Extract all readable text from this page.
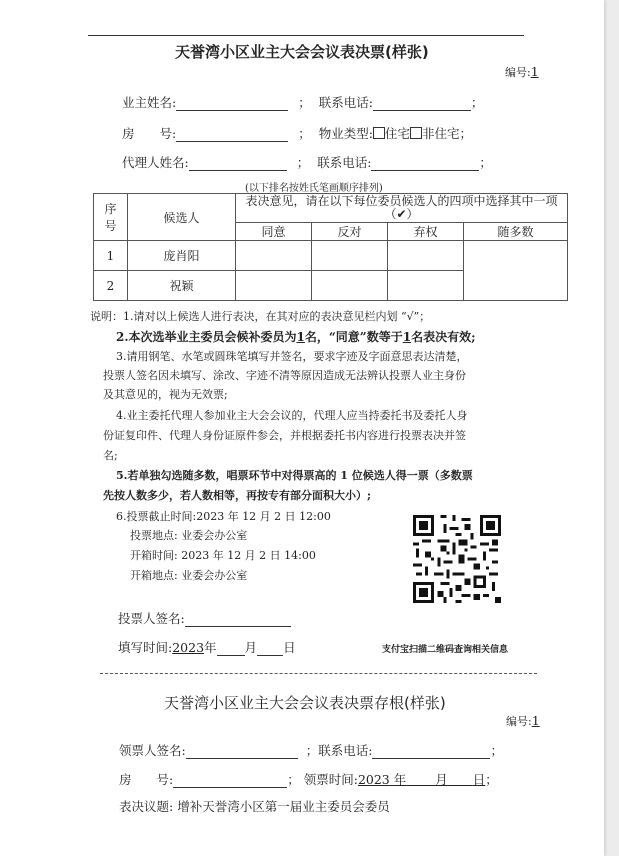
天誉湾小区业主大会会议表决票(样张)
编号:1
业主姓名:	； 联系电话:	；
房　　号:	； 物业类型: 住宅 非住宅；
代理人姓名:	； 联系电话:	；
(以下排名按姓氏笔画顺序排列)
序号	候选人	表决意见，请在以下每位委员候选人的四项中选择其中一项（✔）			
		同意	反对	弃权	随多数
1	庞肖阳				
2	祝颖				
说明：1.请对以上候选人进行表决，在其对应的表决意见栏内划 “√”；
2.本次选举业主委员会候补委员为1名，“同意”数等于1名表决有效;
3.请用钢笔、水笔或圆珠笔填写并签名，要求字迹及字面意思表达清楚，
投票人签名因未填写、涂改、字迹不清等原因造成无法辨认投票人业主身份
及其意见的，视为无效票;
4.业主委托代理人参加业主大会会议的，代理人应当持委托书及委托人身
份证复印件、代理人身份证原件参会，并根据委托书内容进行投票表决并签
名;
5.若单独勾选随多数，唱票环节中对得票高的 1 位候选人得一票（多数票
先按人数多少，若人数相等，再按专有部分面积大小）;
6.投票截止时间:2023 年 12 月 2 日 12:00
投票地点: 业委会办公室
开箱时间: 2023 年 12 月 2 日 14:00
开箱地点: 业委会办公室
投票人签名:
填写时间:2023年 月 日	支付宝扫描二维码查询相关信息
天誉湾小区业主大会会议表决票存根(样张)
编号:1
领票人签名:	；联系电话:	；
房　　号:	； 领票时间:2023 年　　 月　　 日；
表决议题: 增补天誉湾小区第一届业主委员会委员
